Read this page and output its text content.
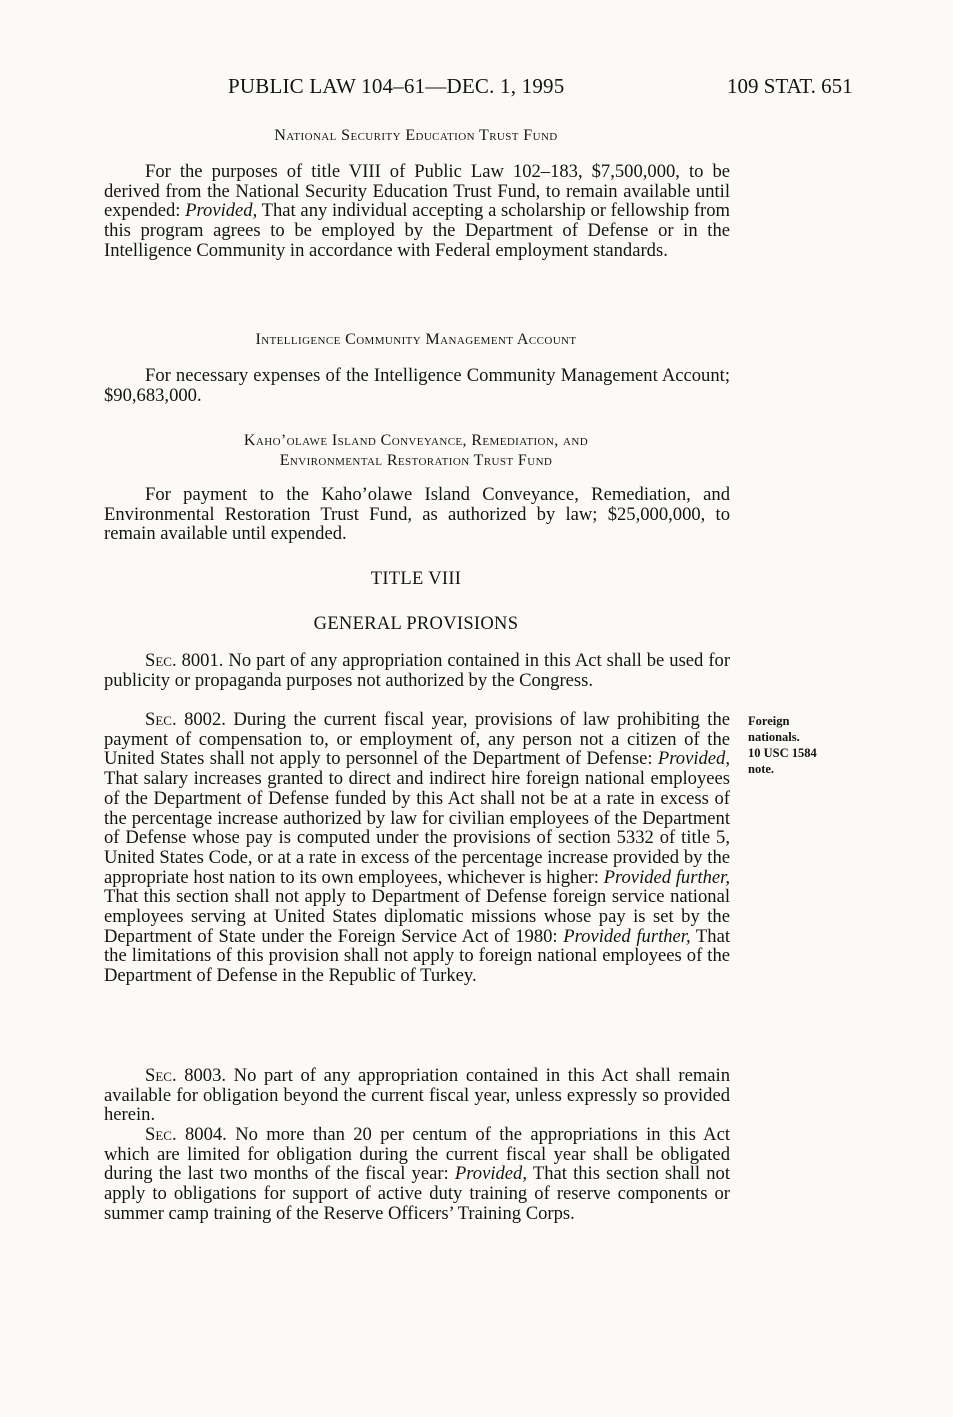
PUBLIC LAW 104–61—DEC. 1, 1995	109 STAT. 651
National Security Education Trust Fund

For the purposes of title VIII of Public Law 102–183, $7,500,000, to be derived from the National Security Education Trust Fund, to remain available until expended: Provided, That any individual accepting a scholarship or fellowship from this program agrees to be employed by the Department of Defense or in the Intelligence Community in accordance with Federal employment standards.

Intelligence Community Management Account

For necessary expenses of the Intelligence Community Management Account; $90,683,000.

Kaho’olawe Island Conveyance, Remediation, and
Environmental Restoration Trust Fund

For payment to the Kaho’olawe Island Conveyance, Remediation, and Environmental Restoration Trust Fund, as authorized by law; $25,000,000, to remain available until expended.

TITLE VIII
GENERAL PROVISIONS

Sec. 8001. No part of any appropriation contained in this Act shall be used for publicity or propaganda purposes not authorized by the Congress.

Sec. 8002. During the current fiscal year, provisions of law prohibiting the payment of compensation to, or employment of, any person not a citizen of the United States shall not apply to personnel of the Department of Defense: Provided, That salary increases granted to direct and indirect hire foreign national employees of the Department of Defense funded by this Act shall not be at a rate in excess of the percentage increase authorized by law for civilian employees of the Department of Defense whose pay is computed under the provisions of section 5332 of title 5, United States Code, or at a rate in excess of the percentage increase provided by the appropriate host nation to its own employees, whichever is higher: Provided further, That this section shall not apply to Department of Defense foreign service national employees serving at United States diplomatic missions whose pay is set by the Department of State under the Foreign Service Act of 1980: Provided further, That the limitations of this provision shall not apply to foreign national employees of the Department of Defense in the Republic of Turkey.

Foreign
nationals.
10 USC 1584
note.

Sec. 8003. No part of any appropriation contained in this Act shall remain available for obligation beyond the current fiscal year, unless expressly so provided herein.

Sec. 8004. No more than 20 per centum of the appropriations in this Act which are limited for obligation during the current fiscal year shall be obligated during the last two months of the fiscal year: Provided, That this section shall not apply to obligations for support of active duty training of reserve components or summer camp training of the Reserve Officers’ Training Corps.
